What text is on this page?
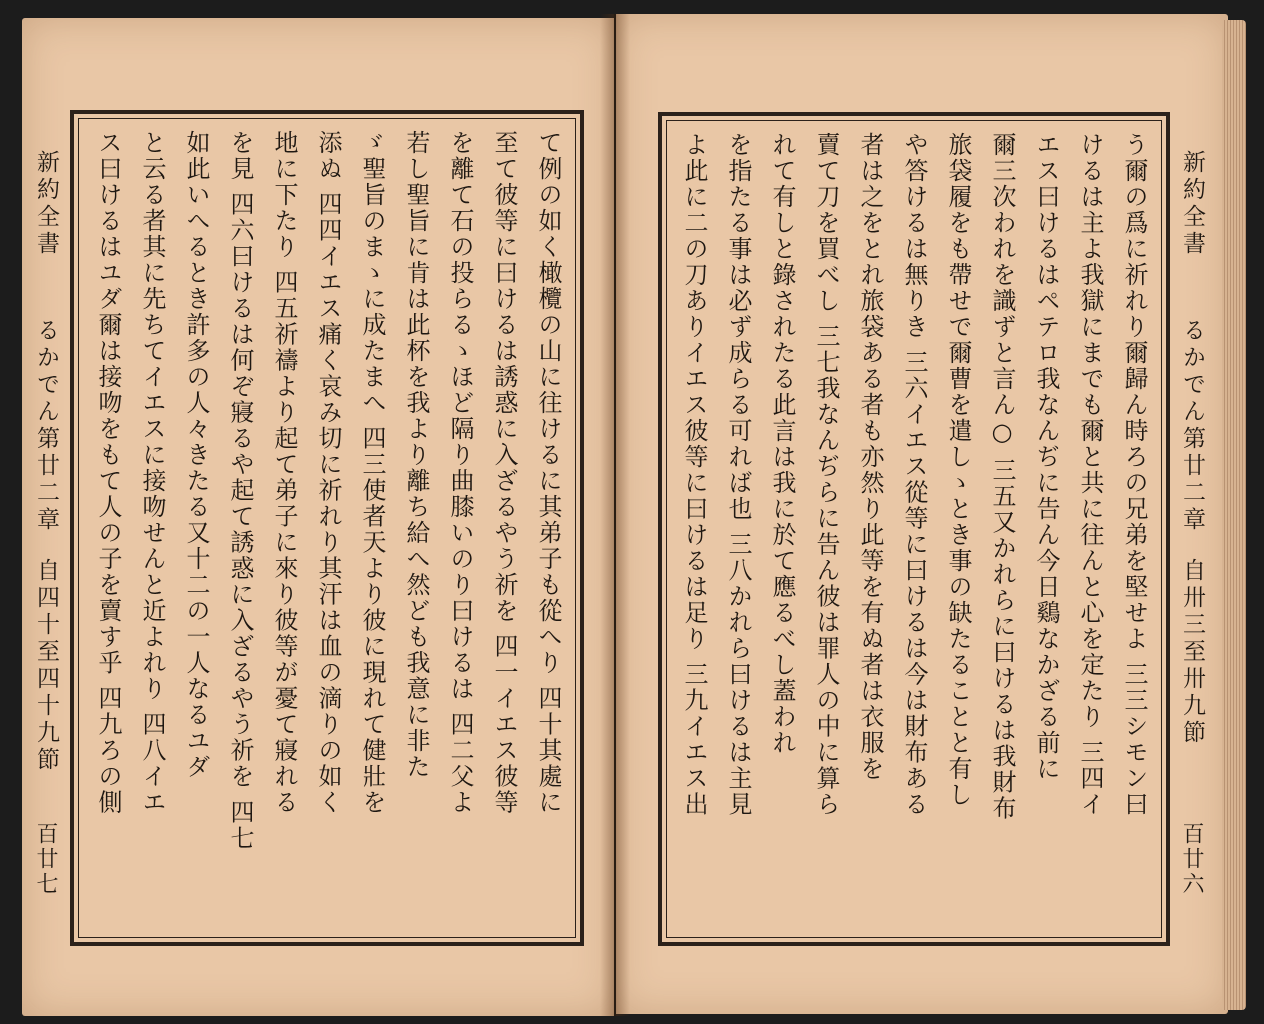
新約全書
るかでん第廿二章
自四十至四十九節
百廿七
て例の如く橄欖の山に往けるに其弟子も從へり 四十其處に
至て彼等に曰けるは誘惑に入ざるやう祈を 四一イエス彼等
を離て石の投らるゝほど隔り曲膝いのり曰けるは 四二父よ
若し聖旨に肯は此杯を我より離ち給へ然ども我意に非た
ゞ聖旨のまゝに成たまへ 四三使者天より彼に現れて健壯を
添ぬ 四四イエス痛く哀み切に祈れり其汗は血の滴りの如く
地に下たり 四五祈禱より起て弟子に來り彼等が憂て寢れる
を見 四六曰けるは何ぞ寢るや起て誘惑に入ざるやう祈を 四七
如此いへるとき許多の人々きたる又十二の一人なるユダ
と云る者其に先ちてイエスに接吻せんと近よれり 四八イエ
ス曰けるはユダ爾は接吻をもて人の子を賣す乎 四九ろの側	新約全書
るかでん第廿二章
自卅三至卅九節
百廿六
う爾の爲に祈れり爾歸ん時ろの兄弟を堅せよ 三三シモン曰
けるは主よ我獄にまでも爾と共に往んと心を定たり 三四イ
エス曰けるはペテロ我なんぢに告ん今日鷄なかざる前に
爾三次われを識ずと言ん○ 三五又かれらに曰けるは我財布
旅袋履をも帶せで爾曹を遣しゝとき事の缺たることと有し
や答けるは無りき 三六イエス從等に曰けるは今は財布ある
者は之をとれ旅袋ある者も亦然り此等を有ぬ者は衣服を
賣て刀を買べし 三七我なんぢらに告ん彼は罪人の中に算ら
れて有しと錄されたる此言は我に於て應るべし蓋われ
を指たる事は必ず成らる可れば也 三八かれら曰けるは主見
よ此に二の刀ありイエス彼等に曰けるは足り 三九イエス出
